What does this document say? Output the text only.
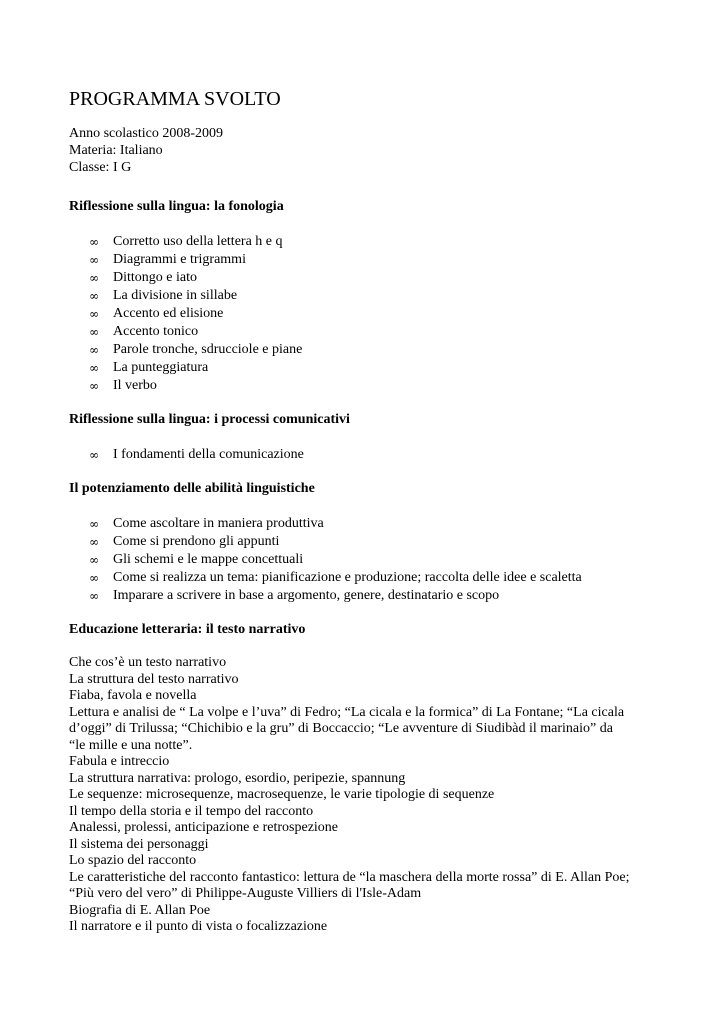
PROGRAMMA SVOLTO
Anno scolastico 2008-2009
Materia: Italiano
Classe: I G
Riflessione sulla lingua: la fonologia
∞	Corretto uso della lettera h e q
∞	Diagrammi e trigrammi
∞	Dittongo e iato
∞	La divisione in sillabe
∞	Accento ed elisione
∞	Accento tonico
∞	Parole tronche, sdrucciole e piane
∞	La punteggiatura
∞	Il verbo
Riflessione sulla lingua: i processi comunicativi
∞	I fondamenti della comunicazione
Il potenziamento delle abilità linguistiche
∞	Come ascoltare in maniera produttiva
∞	Come si prendono gli appunti
∞	Gli schemi e le mappe concettuali
∞	Come si realizza un tema: pianificazione e produzione; raccolta delle idee e scaletta
∞	Imparare a scrivere in base a argomento, genere, destinatario e scopo
Educazione letteraria: il testo narrativo
Che cos’è un testo narrativo
La struttura del testo narrativo
Fiaba, favola e novella
Lettura e analisi de “ La volpe e l’uva” di Fedro; “La cicala e la formica” di La Fontane; “La cicala
d’oggi” di Trilussa; “Chichibio e la gru” di Boccaccio; “Le avventure di Siudibàd il marinaio” da
“le mille e una notte”.
Fabula e intreccio
La struttura narrativa: prologo, esordio, peripezie, spannung
Le sequenze: microsequenze, macrosequenze, le varie tipologie di sequenze
Il tempo della storia e il tempo del racconto
Analessi, prolessi, anticipazione e retrospezione
Il sistema dei personaggi
Lo spazio del racconto
Le caratteristiche del racconto fantastico: lettura de “la maschera della morte rossa” di E. Allan Poe;
“Più vero del vero” di Philippe-Auguste Villiers di l'Isle-Adam
Biografia di E. Allan Poe
Il narratore e il punto di vista o focalizzazione
